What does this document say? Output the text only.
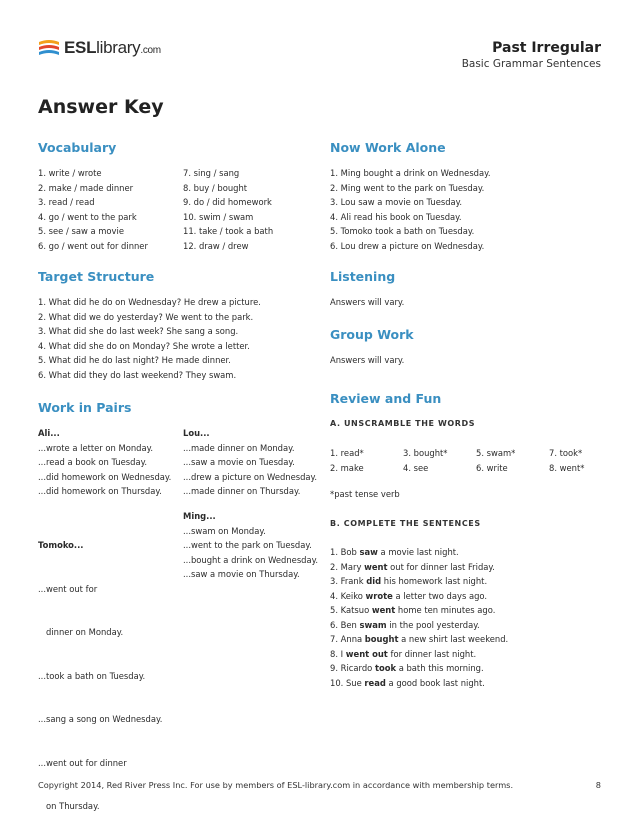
ESLlibrary.com	Past Irregular
Basic Grammar Sentences
Answer Key
Vocabulary
1. write / wrote
2. make / made dinner
3. read / read
4. go / went to the park
5. see / saw a movie
6. go / went out for dinner
7. sing / sang
8. buy / bought
9. do / did homework
10. swim / swam
11. take / took a bath
12. draw / drew
Target Structure
1. What did he do on Wednesday? He drew a picture.
2. What did we do yesterday? We went to the park.
3. What did she do last week? She sang a song.
4. What did she do on Monday? She wrote a letter.
5. What did he do last night? He made dinner.
6. What did they do last weekend? They swam.
Work in Pairs
Ali...
...wrote a letter on Monday.
...read a book on Tuesday.
...did homework on Wednesday.
...did homework on Thursday.
Lou...
...made dinner on Monday.
...saw a movie on Tuesday.
...drew a picture on Wednesday.
...made dinner on Thursday.

Tomoko...

...went out for

dinner on Monday.

...took a bath on Tuesday.

...sang a song on Wednesday.

...went out for dinner

on Thursday.

Ming...
...swam on Monday.
...went to the park on Tuesday.
...bought a drink on Wednesday.
...saw a movie on Thursday.
Now Work Alone
1. Ming bought a drink on Wednesday.
2. Ming went to the park on Tuesday.
3. Lou saw a movie on Tuesday.
4. Ali read his book on Tuesday.
5. Tomoko took a bath on Tuesday.
6. Lou drew a picture on Wednesday.
Listening
Answers will vary.
Group Work
Answers will vary.
Review and Fun
A. UNSCRAMBLE THE WORDS
1. read*	3. bought*	5. swam*	7. took*
2. make	4. see	6. write	8. went*
*past tense verb
B. COMPLETE THE SENTENCES
1. Bob saw a movie last night.
2. Mary went out for dinner last Friday.
3. Frank did his homework last night.
4. Keiko wrote a letter two days ago.
5. Katsuo went home ten minutes ago.
6. Ben swam in the pool yesterday.
7. Anna bought a new shirt last weekend.
8. I went out for dinner last night.
9. Ricardo took a bath this morning.
10. Sue read a good book last night.
Copyright 2014, Red River Press Inc. For use by members of ESL-library.com in accordance with membership terms.	8
